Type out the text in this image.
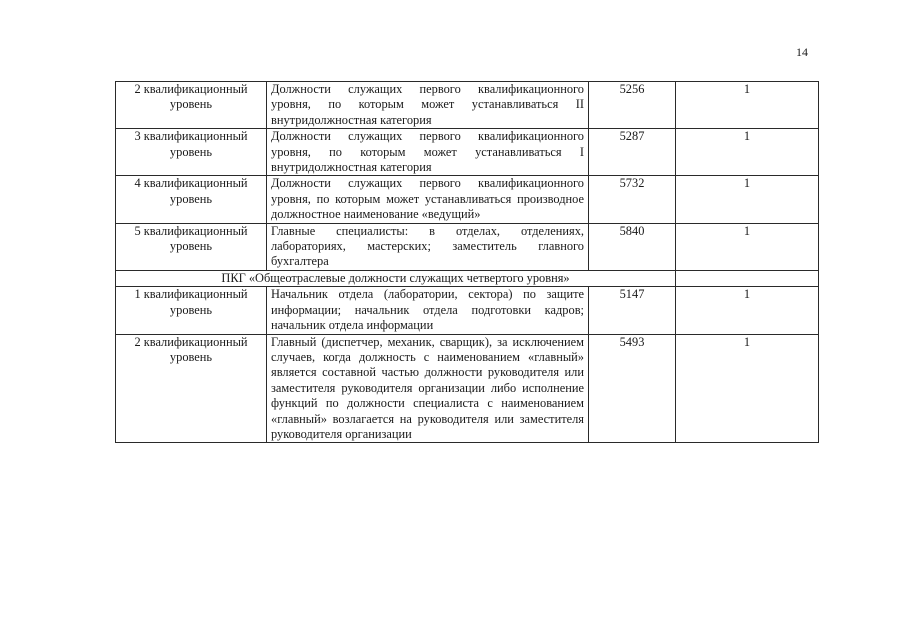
14
2 квалификационный
уровень	Должности служащих первого квалификационного уровня, по которым может устанавливаться II внутридолжностная категория	5256	1

3 квалификационный
уровень	Должности служащих первого квалификационного уровня, по которым может устанавливаться I внутридолжностная категория	5287	1

4 квалификационный
уровень	Должности служащих первого квалификационного уровня, по которым может устанавливаться производное должностное наименование «ведущий»	5732	1

5 квалификационный
уровень	Главные специалисты: в отделах, отделениях, лабораториях, мастерских; заместитель главного бухгалтера	5840	1
ПКГ «Общеотраслевые должности служащих четвертого уровня»			

1 квалификационный
уровень	Начальник отдела (лаборатории, сектора) по защите информации; начальник отдела подготовки кадров; начальник отдела информации	5147	1

2 квалификационный
уровень	Главный (диспетчер, механик, сварщик), за исключением случаев, когда должность с наименованием «главный» является составной частью должности руководителя или заместителя руководителя организации либо исполнение функций по должности специалиста с наименованием «главный» возлагается на руководителя или заместителя руководителя организации	5493	1
